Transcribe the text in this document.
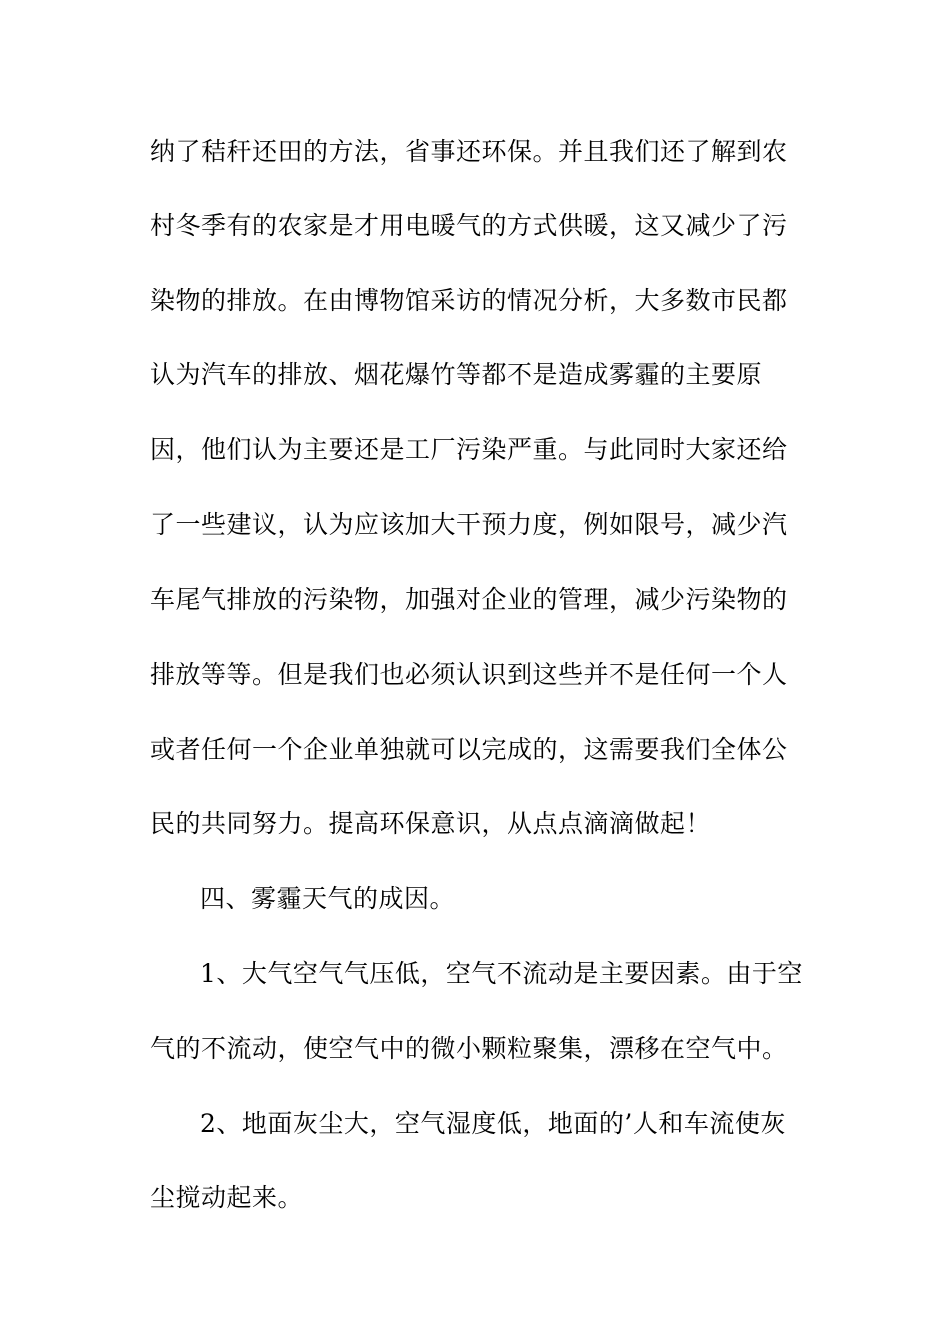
纳了秸秆还田的方法，省事还环保。并且我们还了解到农
村冬季有的农家是才用电暖气的方式供暖，这又减少了污
染物的排放。在由博物馆采访的情况分析，大多数市民都
认为汽车的排放、烟花爆竹等都不是造成雾霾的主要原
因，他们认为主要还是工厂污染严重。与此同时大家还给
了一些建议，认为应该加大干预力度，例如限号，减少汽
车尾气排放的污染物，加强对企业的管理，减少污染物的
排放等等。但是我们也必须认识到这些并不是任何一个人
或者任何一个企业单独就可以完成的，这需要我们全体公
民的共同努力。提高环保意识，从点点滴滴做起！
四、雾霾天气的成因。
1、大气空气气压低，空气不流动是主要因素。由于空
气的不流动，使空气中的微小颗粒聚集，漂移在空气中。
2、地面灰尘大，空气湿度低，地面的’人和车流使灰
尘搅动起来。
